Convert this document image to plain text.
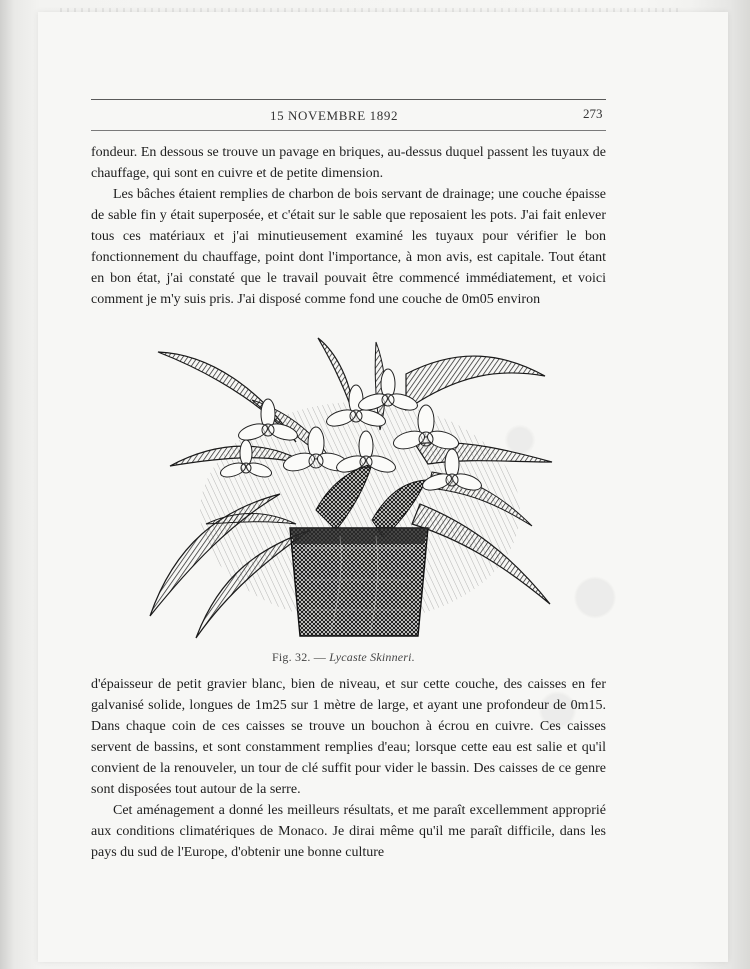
15 NOVEMBRE 1892	273

fondeur. En dessous se trouve un pavage en briques, au-dessus duquel passent les tuyaux de chauffage, qui sont en cuivre et de petite dimension.

Les bâches étaient remplies de charbon de bois servant de drainage; une couche épaisse de sable fin y était superposée, et c'était sur le sable que reposaient les pots. J'ai fait enlever tous ces matériaux et j'ai minutieusement examiné les tuyaux pour vérifier le bon fonctionnement du chauffage, point dont l'importance, à mon avis, est capitale. Tout étant en bon état, j'ai constaté que le travail pouvait être commencé immédiatement, et voici comment je m'y suis pris. J'ai disposé comme fond une couche de 0m05 environ

Fig. 32. — Lycaste Skinneri.

d'épaisseur de petit gravier blanc, bien de niveau, et sur cette couche, des caisses en fer galvanisé solide, longues de 1m25 sur 1 mètre de large, et ayant une profondeur de 0m15. Dans chaque coin de ces caisses se trouve un bouchon à écrou en cuivre. Ces caisses servent de bassins, et sont constamment remplies d'eau; lorsque cette eau est salie et qu'il convient de la renouveler, un tour de clé suffit pour vider le bassin. Des caisses de ce genre sont disposées tout autour de la serre.

Cet aménagement a donné les meilleurs résultats, et me paraît excellemment approprié aux conditions climatériques de Monaco. Je dirai même qu'il me paraît difficile, dans les pays du sud de l'Europe, d'obtenir une bonne culture
